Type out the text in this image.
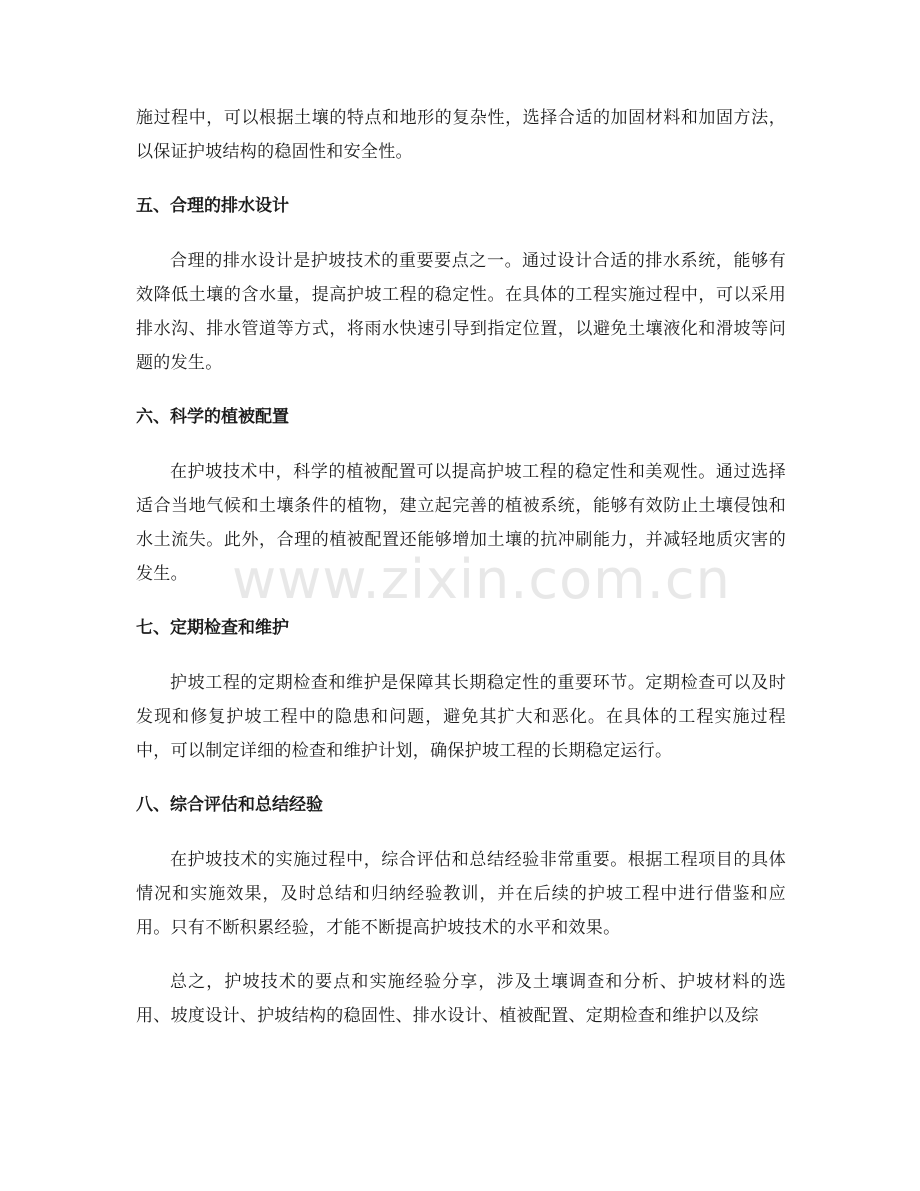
施过程中，可以根据土壤的特点和地形的复杂性，选择合适的加固材料和加固方法，以保证护坡结构的稳固性和安全性。

五、合理的排水设计

合理的排水设计是护坡技术的重要要点之一。通过设计合适的排水系统，能够有效降低土壤的含水量，提高护坡工程的稳定性。在具体的工程实施过程中，可以采用排水沟、排水管道等方式，将雨水快速引导到指定位置，以避免土壤液化和滑坡等问题的发生。

六、科学的植被配置

在护坡技术中，科学的植被配置可以提高护坡工程的稳定性和美观性。通过选择适合当地气候和土壤条件的植物，建立起完善的植被系统，能够有效防止土壤侵蚀和水土流失。此外，合理的植被配置还能够增加土壤的抗冲刷能力，并减轻地质灾害的发生。

七、定期检查和维护

护坡工程的定期检查和维护是保障其长期稳定性的重要环节。定期检查可以及时发现和修复护坡工程中的隐患和问题，避免其扩大和恶化。在具体的工程实施过程中，可以制定详细的检查和维护计划，确保护坡工程的长期稳定运行。

八、综合评估和总结经验

在护坡技术的实施过程中，综合评估和总结经验非常重要。根据工程项目的具体情况和实施效果，及时总结和归纳经验教训，并在后续的护坡工程中进行借鉴和应用。只有不断积累经验，才能不断提高护坡技术的水平和效果。

总之，护坡技术的要点和实施经验分享，涉及土壤调查和分析、护坡材料的选用、坡度设计、护坡结构的稳固性、排水设计、植被配置、定期检查和维护以及综

www.zixin.com.cn
